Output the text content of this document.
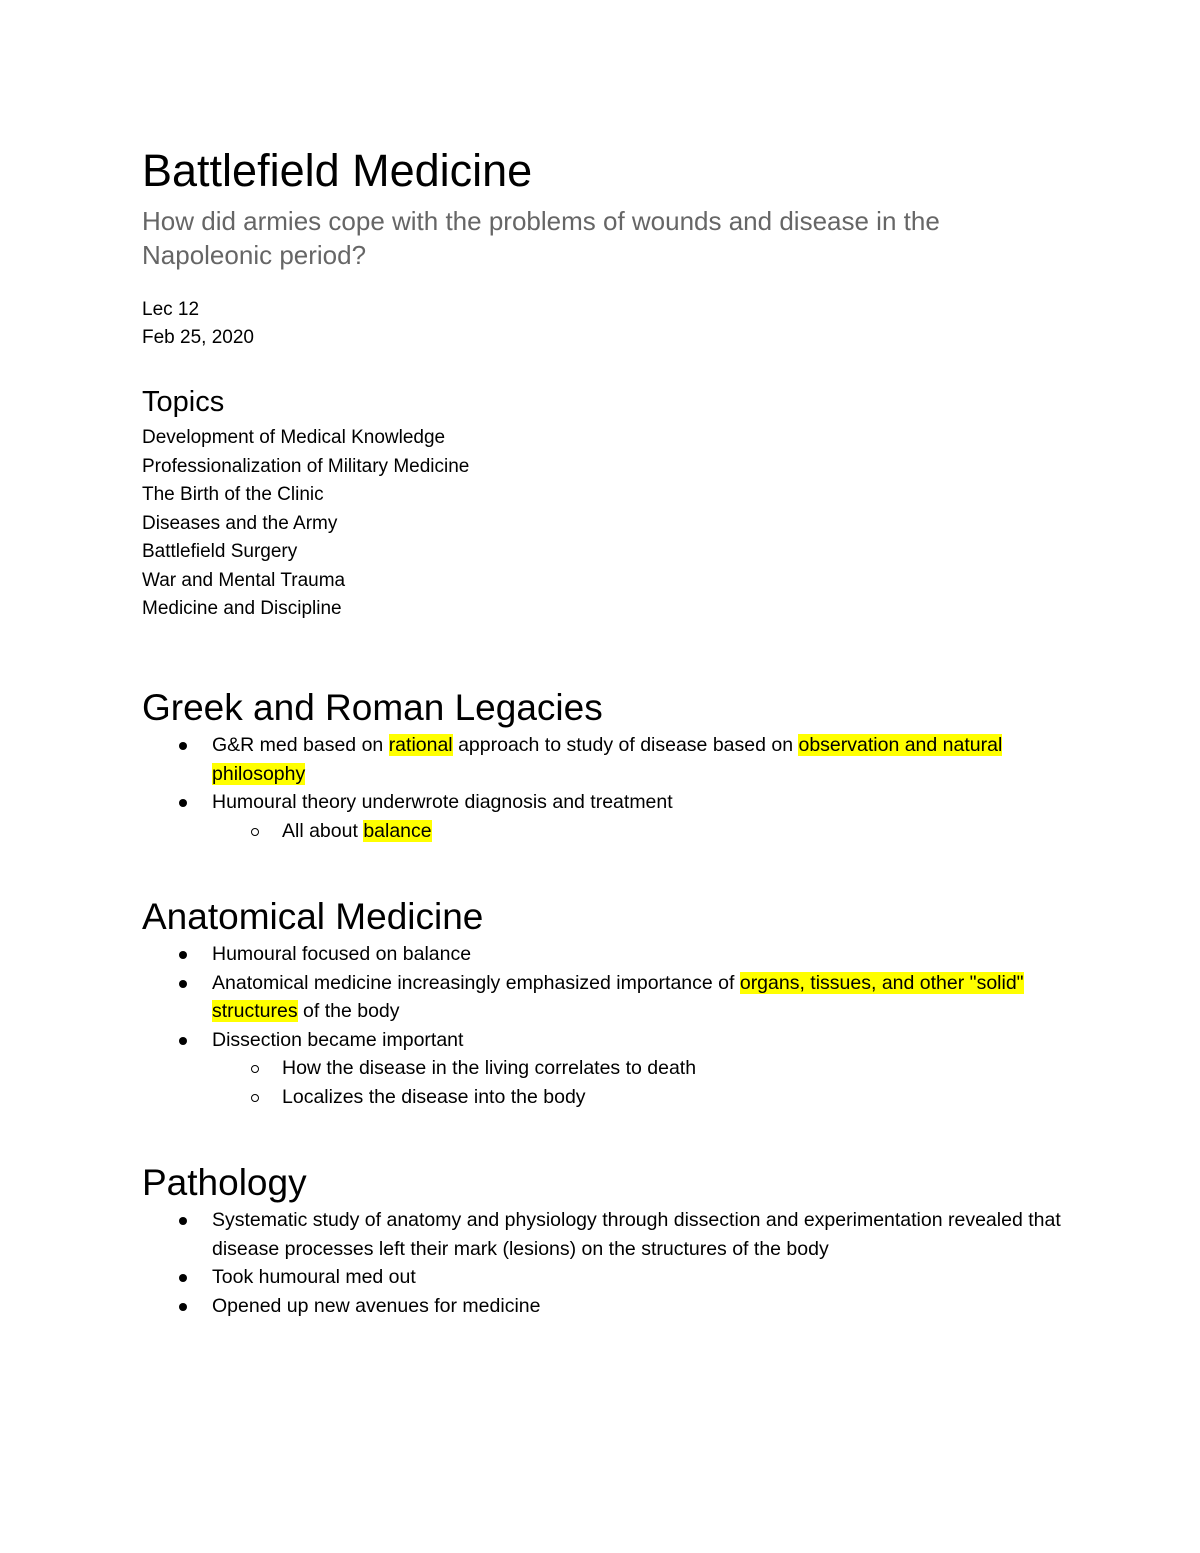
Battlefield Medicine
How did armies cope with the problems of wounds and disease in the Napoleonic period?
Lec 12
Feb 25, 2020
Topics
Development of Medical Knowledge
Professionalization of Military Medicine
The Birth of the Clinic
Diseases and the Army
Battlefield Surgery
War and Mental Trauma
Medicine and Discipline
Greek and Roman Legacies
G&R med based on rational approach to study of disease based on observation and natural philosophy
Humoural theory underwrote diagnosis and treatment
All about balance
Anatomical Medicine
Humoural focused on balance
Anatomical medicine increasingly emphasized importance of organs, tissues, and other "solid" structures of the body
Dissection became important
How the disease in the living correlates to death
Localizes the disease into the body
Pathology
Systematic study of anatomy and physiology through dissection and experimentation revealed that disease processes left their mark (lesions) on the structures of the body
Took humoural med out
Opened up new avenues for medicine
